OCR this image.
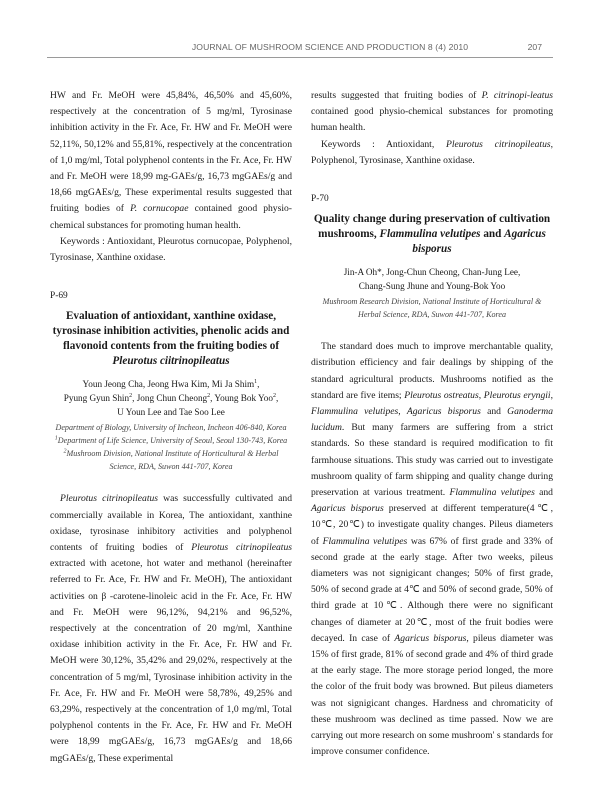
JOURNAL OF MUSHROOM SCIENCE AND PRODUCTION 8 (4) 2010	207

HW and Fr. MeOH were 45,84%, 46,50% and 45,60%, respectively at the concentration of 5 mg/ml, Tyrosinase inhibition activity in the Fr. Ace, Fr. HW and Fr. MeOH were 52,11%, 50,12% and 55,81%, respectively at the concentration of 1,0 mg/ml, Total polyphenol contents in the Fr. Ace, Fr. HW and Fr. MeOH were 18,99 mg-GAEs/g, 16,73 mgGAEs/g and 18,66 mgGAEs/g, These experimental results suggested that fruiting bodies of P. cornucopae contained good physio-chemical substances for promoting human health.

Keywords : Antioxidant, Pleurotus cornucopae, Polyphenol, Tyrosinase, Xanthine oxidase.

P-69
Evaluation of antioxidant, xanthine oxidase, tyrosinase inhibition activities, phenolic acids and flavonoid contents from the fruiting bodies of Pleurotus ciitrinopileatus
Youn Jeong Cha, Jeong Hwa Kim, Mi Ja Shim$^1$,
Pyung Gyun Shin$^2$, Jong Chun Cheong$^2$, Young Bok Yoo$^2$,
U Youn Lee and Tae Soo Lee
Department of Biology, University of Incheon, Incheon 406-840, Korea
$^1$Department of Life Science, University of Seoul, Seoul 130-743, Korea
$^2$Mushroom Division, National Institute of Horticultural & Herbal Science, RDA, Suwon 441-707, Korea

Pleurotus citrinopileatus was successfully cultivated and commercially available in Korea, The antioxidant, xanthine oxidase, tyrosinase inhibitory activities and polyphenol contents of fruiting bodies of Pleurotus citrinopileatus extracted with acetone, hot water and methanol (hereinafter referred to Fr. Ace, Fr. HW and Fr. MeOH), The antioxidant activities on β -carotene-linoleic acid in the Fr. Ace, Fr. HW and Fr. MeOH were 96,12%, 94,21% and 96,52%, respectively at the concentration of 20 mg/ml, Xanthine oxidase inhibition activity in the Fr. Ace, Fr. HW and Fr. MeOH were 30,12%, 35,42% and 29,02%, respectively at the concentration of 5 mg/ml, Tyrosinase inhibition activity in the Fr. Ace, Fr. HW and Fr. MeOH were 58,78%, 49,25% and 63,29%, respectively at the concentration of 1,0 mg/ml, Total polyphenol contents in the Fr. Ace, Fr. HW and Fr. MeOH were 18,99 mgGAEs/g, 16,73 mgGAEs/g and 18,66 mgGAEs/g, These experimental

results suggested that fruiting bodies of P. citrinopi-leatus contained good physio-chemical substances for promoting human health.

Keywords : Antioxidant, Pleurotus citrinopileatus, Polyphenol, Tyrosinase, Xanthine oxidase.

P-70
Quality change during preservation of cultivation mushrooms, Flammulina velutipes and Agaricus bisporus
Jin-A Oh*, Jong-Chun Cheong, Chan-Jung Lee,
Chang-Sung Jhune and Young-Bok Yoo
Mushroom Research Division, National Institute of Horticultural & Herbal Science, RDA, Suwon 441-707, Korea

The standard does much to improve merchantable quality, distribution efficiency and fair dealings by shipping of the standard agricultural products. Mushrooms notified as the standard are five items; Pleurotus ostreatus, Pleurotus eryngii, Flammulina velutipes, Agaricus bisporus and Ganoderma lucidum. But many farmers are suffering from a strict standards. So these standard is required modification to fit farmhouse situations. This study was carried out to investigate mushroom quality of farm shipping and quality change during preservation at various treatment. Flammulina velutipes and Agaricus bisporus preserved at different temperature(4℃, 10℃, 20℃) to investigate quality changes. Pileus diameters of Flammulina velutipes was 67% of first grade and 33% of second grade at the early stage. After two weeks, pileus diameters was not signigicant changes; 50% of first grade, 50% of second grade at 4℃ and 50% of second grade, 50% of third grade at 10℃. Although there were no significant changes of diameter at 20℃, most of the fruit bodies were decayed. In case of Agaricus bisporus, pileus diameter was 15% of first grade, 81% of second grade and 4% of third grade at the early stage. The more storage period longed, the more the color of the fruit body was browned. But pileus diameters was not signigicant changes. Hardness and chromaticity of these mushroom was declined as time passed. Now we are carrying out more research on some mushroom' s standards for improve consumer confidence.
